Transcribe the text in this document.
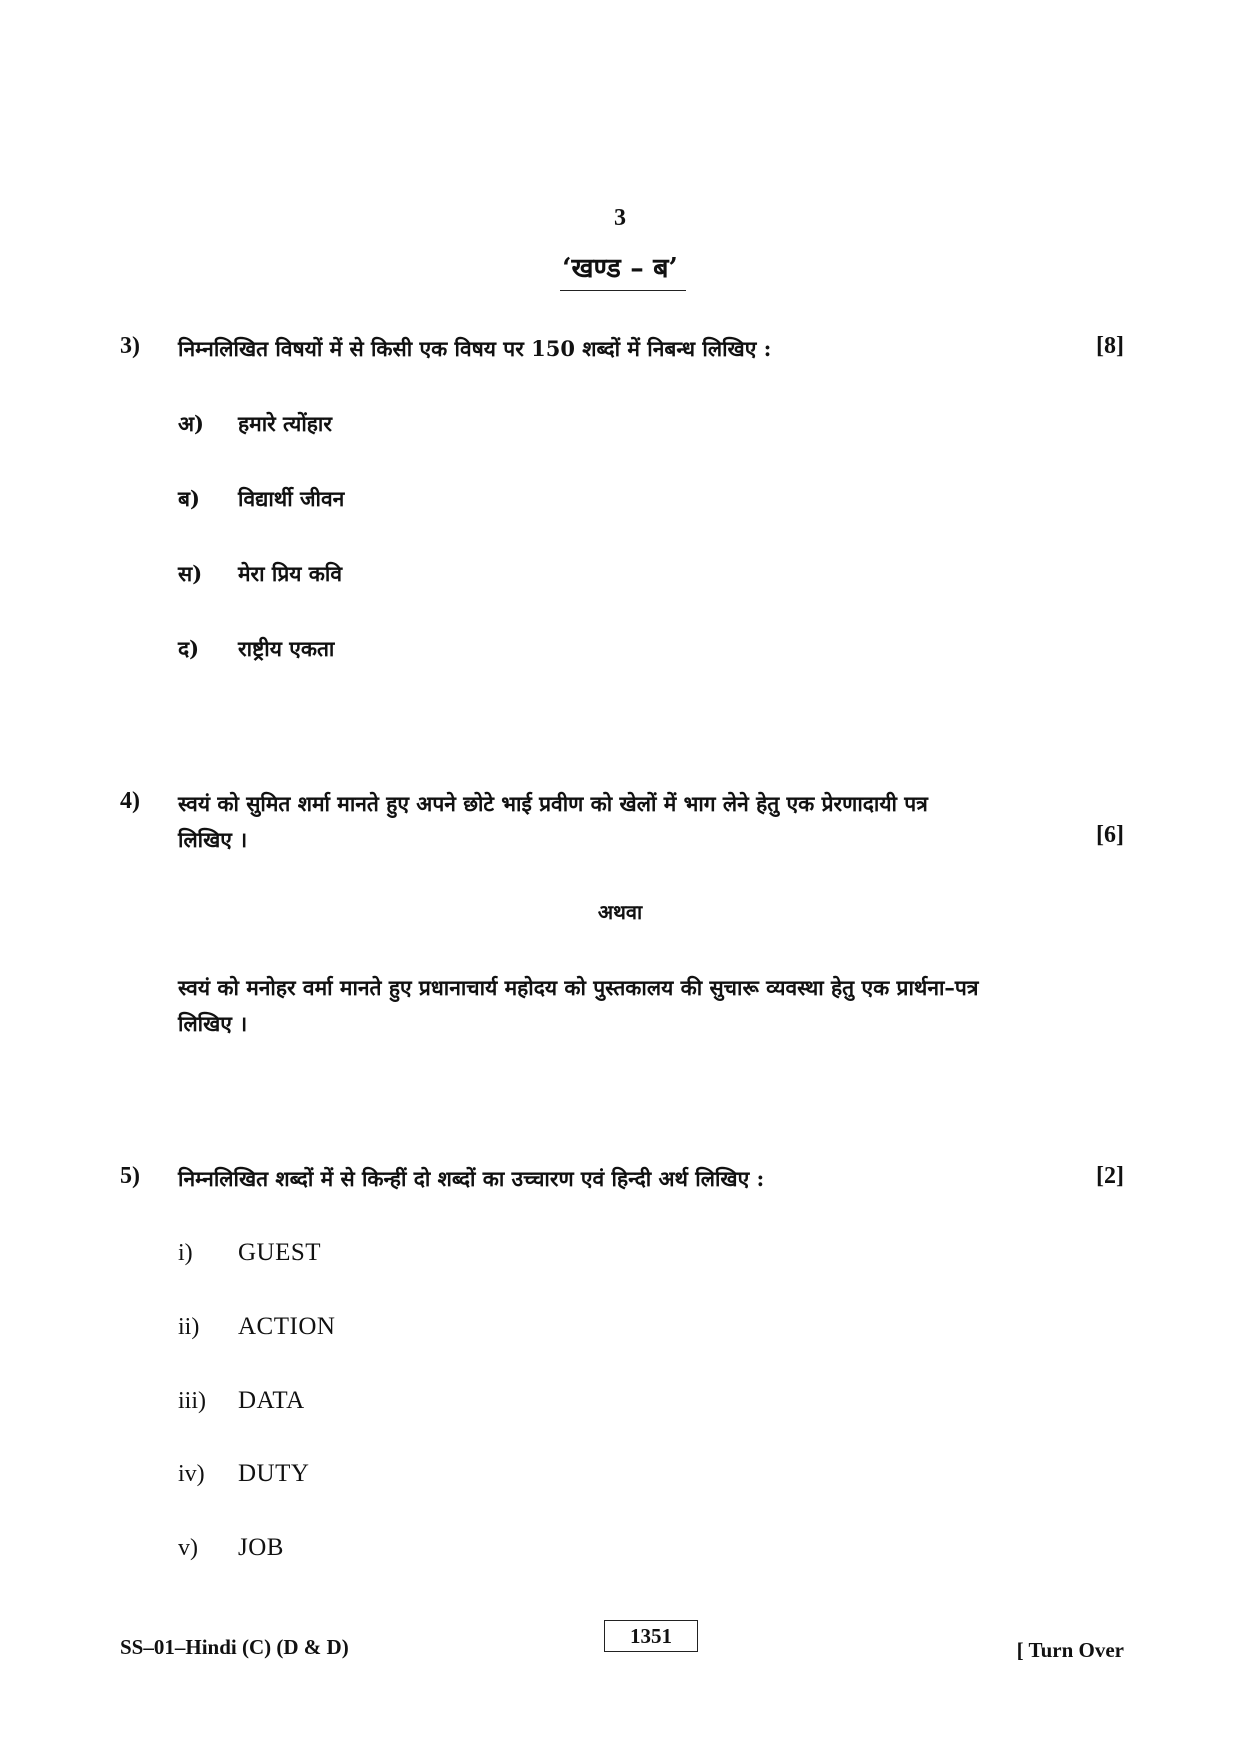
3
‘खण्ड – ब’
3) निम्नलिखित विषयों में से किसी एक विषय पर 150 शब्दों में निबन्ध लिखिए :	[8]
अ) हमारे त्योंहार
ब) विद्यार्थी जीवन
स) मेरा प्रिय कवि
द) राष्ट्रीय एकता
4) स्वयं को सुमित शर्मा मानते हुए अपने छोटे भाई प्रवीण को खेलों में भाग लेने हेतु एक प्रेरणादायी पत्र
लिखिए ।	[6]
अथवा
स्वयं को मनोहर वर्मा मानते हुए प्रधानाचार्य महोदय को पुस्तकालय की सुचारू व्यवस्था हेतु एक प्रार्थना–पत्र
लिखिए ।
5) निम्नलिखित शब्दों में से किन्हीं दो शब्दों का उच्चारण एवं हिन्दी अर्थ लिखिए :	[2]
i) GUEST
ii) ACTION
iii) DATA
iv) DUTY
v) JOB
SS–01–Hindi (C) (D & D)	1351
[ Turn Over
